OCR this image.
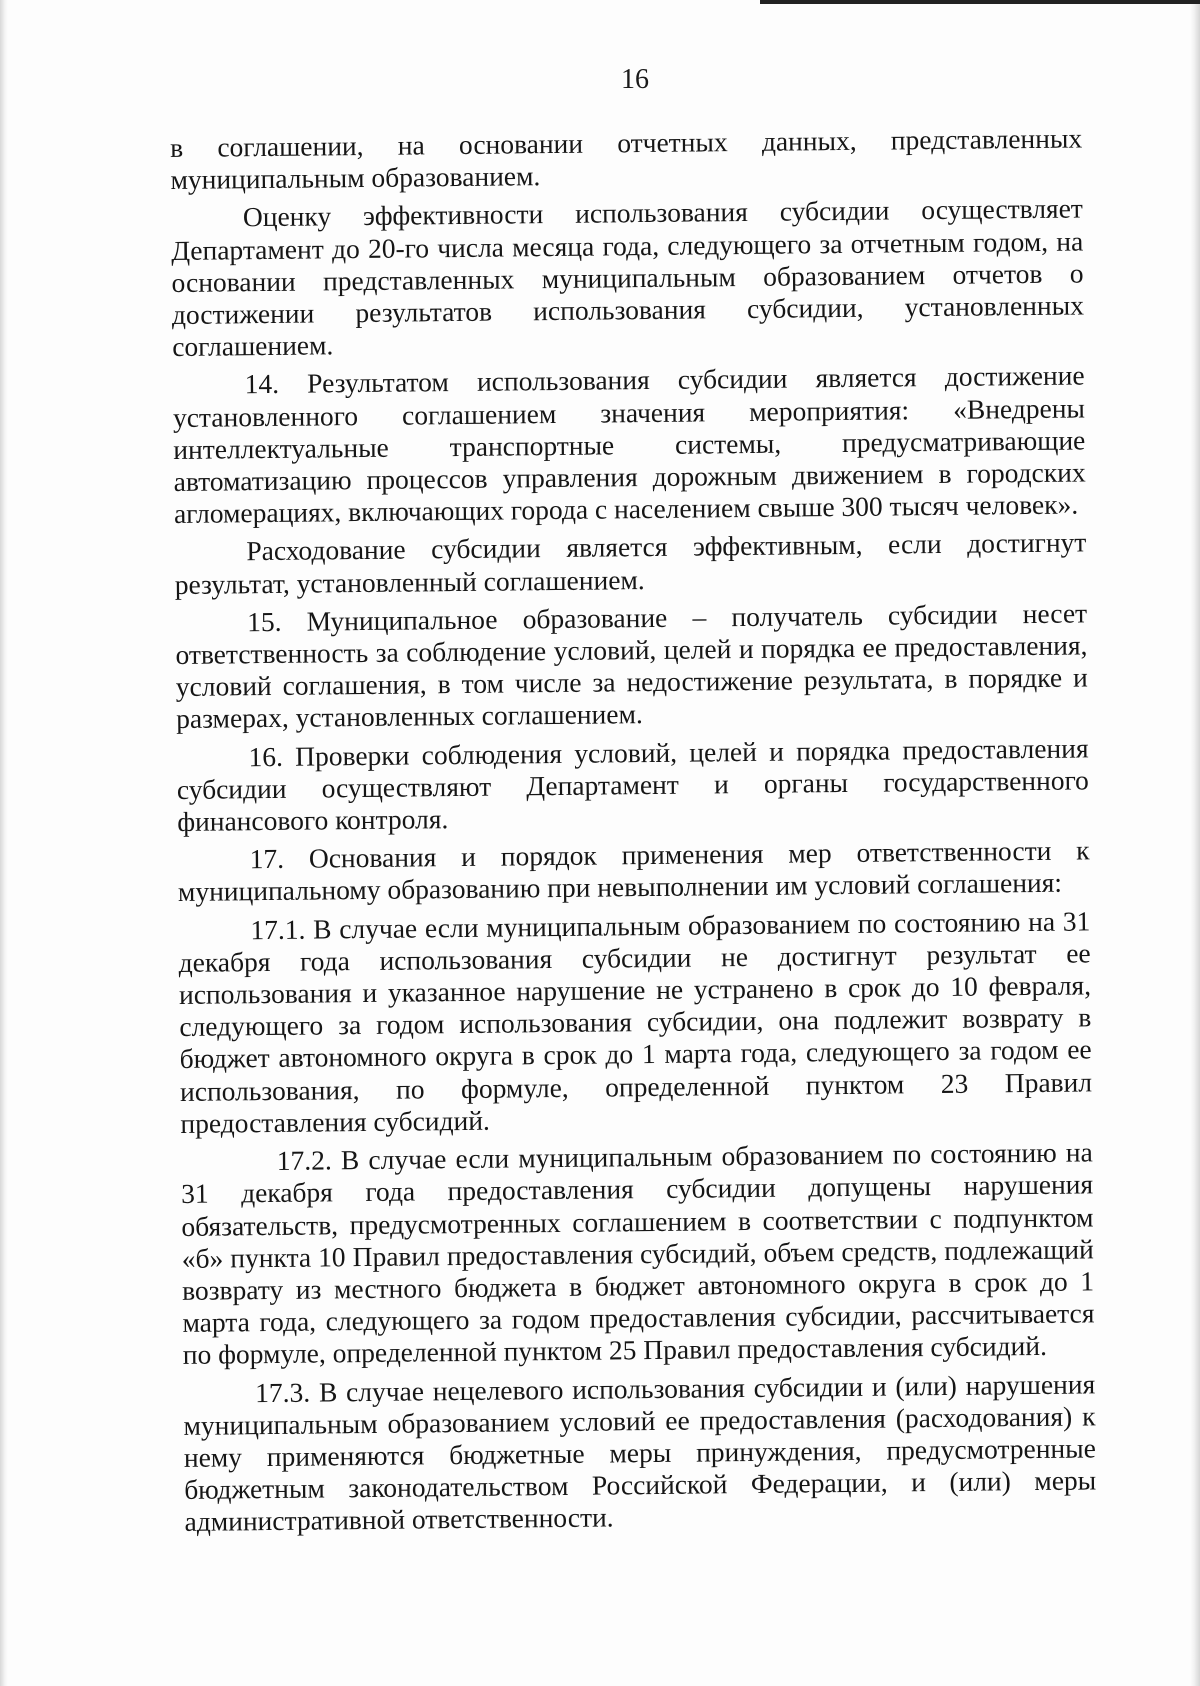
16

в соглашении, на основании отчетных данных, представленных муниципальным образованием.

Оценку эффективности использования субсидии осуществляет Департамент до 20-го числа месяца года, следующего за отчетным годом, на основании представленных муниципальным образованием отчетов о достижении результатов использования субсидии, установленных соглашением.

14. Результатом использования субсидии является достижение установленного соглашением значения мероприятия: «Внедрены интеллектуальные транспортные системы, предусматривающие автоматизацию процессов управления дорожным движением в городских агломерациях, включающих города с населением свыше 300 тысяч человек».

Расходование субсидии является эффективным, если достигнут результат, установленный соглашением.

15. Муниципальное образование – получатель субсидии несет ответственность за соблюдение условий, целей и порядка ее предоставления, условий соглашения, в том числе за недостижение результата, в порядке и размерах, установленных соглашением.

16. Проверки соблюдения условий, целей и порядка предоставления субсидии осуществляют Департамент и органы государственного финансового контроля.

17. Основания и порядок применения мер ответственности к муниципальному образованию при невыполнении им условий соглашения:

17.1. В случае если муниципальным образованием по состоянию на 31 декабря года использования субсидии не достигнут результат ее использования и указанное нарушение не устранено в срок до 10 февраля, следующего за годом использования субсидии, она подлежит возврату в бюджет автономного округа в срок до 1 марта года, следующего за годом ее использования, по формуле, определенной пунктом 23 Правил предоставления субсидий.

17.2. В случае если муниципальным образованием по состоянию на 31 декабря года предоставления субсидии допущены нарушения обязательств, предусмотренных соглашением в соответствии с подпунктом «б» пункта 10 Правил предоставления субсидий, объем средств, подлежащий возврату из местного бюджета в бюджет автономного округа в срок до 1 марта года, следующего за годом предоставления субсидии, рассчитывается по формуле, определенной пунктом 25 Правил предоставления субсидий.

17.3. В случае нецелевого использования субсидии и (или) нарушения муниципальным образованием условий ее предоставления (расходования) к нему применяются бюджетные меры принуждения, предусмотренные бюджетным законодательством Российской Федерации, и (или) меры административной ответственности.
